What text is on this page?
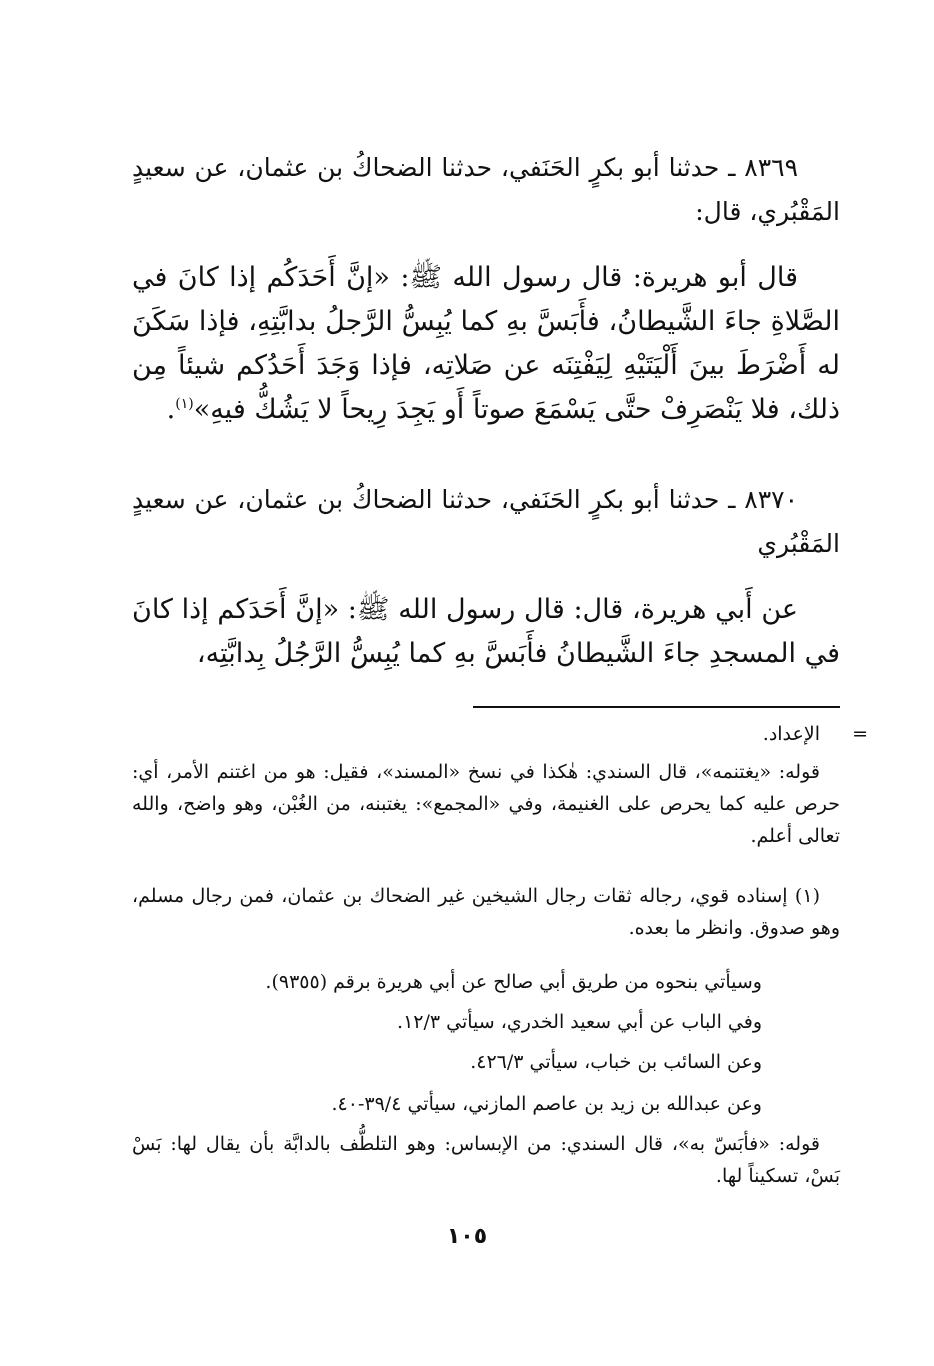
٨٣٦٩ ـ حدثنا أبو بكرٍ الحَنَفي، حدثنا الضحاكُ بن عثمان، عن سعيدٍ المَقْبُري، قال:

قال أبو هريرة: قال رسول الله ﷺ: «إنَّ أَحَدَكُم إذا كانَ في الصَّلاةِ جاءَ الشَّيطانُ، فأَبَسَّ بهِ كما يُبِسُّ الرَّجلُ بدابَّتِهِ، فإذا سَكَنَ له أَضْرَطَ بينَ أَلْيَتَيْهِ لِيَفْتِنَه عن صَلاتِه، فإذا وَجَدَ أَحَدُكم شيئاً مِن ذلك، فلا يَنْصَرِفْ حتَّى يَسْمَعَ صوتاً أَو يَجِدَ رِيحاً لا يَشُكُّ فيهِ»$^{(١)}$.

٨٣٧٠ ـ حدثنا أبو بكرٍ الحَنَفي، حدثنا الضحاكُ بن عثمان، عن سعيدٍ المَقْبُري

عن أَبي هريرة، قال: قال رسول الله ﷺ: «إنَّ أَحَدَكم إذا كانَ في المسجدِ جاءَ الشَّيطانُ فأَبَسَّ بهِ كما يُبِسُّ الرَّجُلُ بِدابَّتِه،

=

الإعداد.

قوله: «يغتنمه»، قال السندي: هٰكذا في نسخ «المسند»، فقيل: هو من اغتنم الأمر، أي: حرص عليه كما يحرص على الغنيمة، وفي «المجمع»: يغتبنه، من الغُبْن، وهو واضح، والله تعالى أعلم.

(١) إسناده قوي، رجاله ثقات رجال الشيخين غير الضحاك بن عثمان، فمن رجال مسلم، وهو صدوق. وانظر ما بعده.

وسيأتي بنحوه من طريق أبي صالح عن أبي هريرة برقم (٩٣٥٥).

وفي الباب عن أبي سعيد الخدري، سيأتي ١٢/٣.

وعن السائب بن خباب، سيأتي ٤٢٦/٣.

وعن عبدالله بن زيد بن عاصم المازني، سيأتي ٣٩/٤-٤٠.

قوله: «فأبَسّ به»، قال السندي: من الإبساس: وهو التلطُّف بالدابَّة بأن يقال لها: بَسْ بَسْ، تسكيناً لها.

١٠٥
